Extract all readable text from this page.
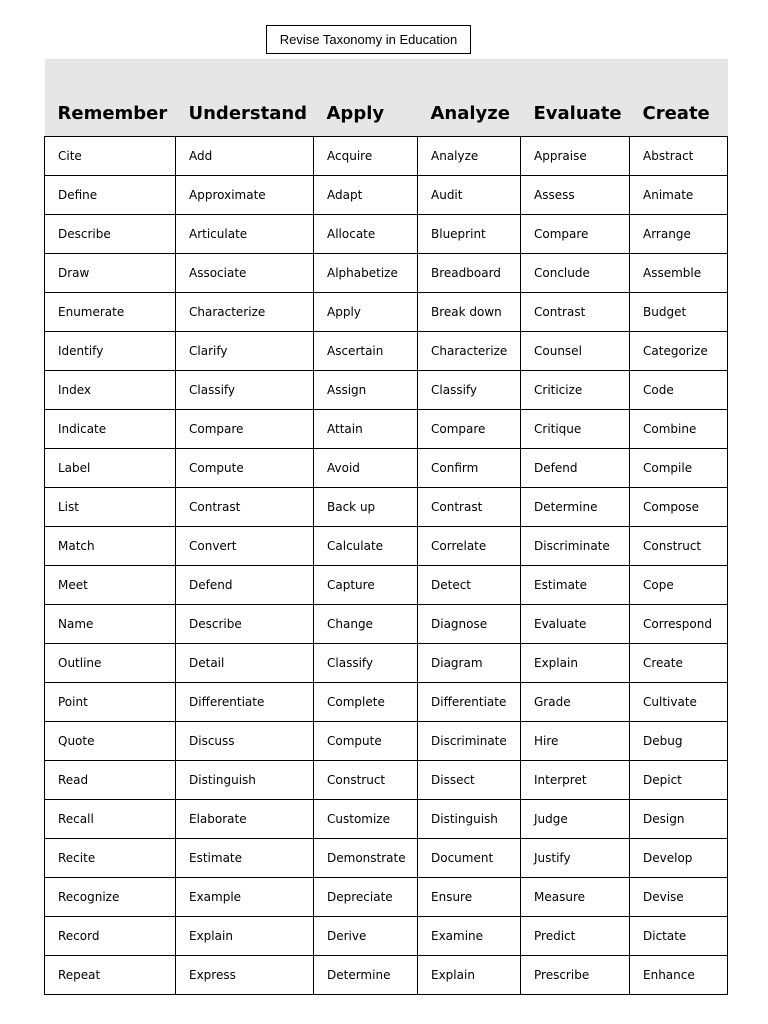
Revise Taxonomy in Education
Remember	Understand	Apply	Analyze	Evaluate	Create
Cite	Add	Acquire	Analyze	Appraise	Abstract
Define	Approximate	Adapt	Audit	Assess	Animate
Describe	Articulate	Allocate	Blueprint	Compare	Arrange
Draw	Associate	Alphabetize	Breadboard	Conclude	Assemble
Enumerate	Characterize	Apply	Break down	Contrast	Budget
Identify	Clarify	Ascertain	Characterize	Counsel	Categorize
Index	Classify	Assign	Classify	Criticize	Code
Indicate	Compare	Attain	Compare	Critique	Combine
Label	Compute	Avoid	Confirm	Defend	Compile
List	Contrast	Back up	Contrast	Determine	Compose
Match	Convert	Calculate	Correlate	Discriminate	Construct
Meet	Defend	Capture	Detect	Estimate	Cope
Name	Describe	Change	Diagnose	Evaluate	Correspond
Outline	Detail	Classify	Diagram	Explain	Create
Point	Differentiate	Complete	Differentiate	Grade	Cultivate
Quote	Discuss	Compute	Discriminate	Hire	Debug
Read	Distinguish	Construct	Dissect	Interpret	Depict
Recall	Elaborate	Customize	Distinguish	Judge	Design
Recite	Estimate	Demonstrate	Document	Justify	Develop
Recognize	Example	Depreciate	Ensure	Measure	Devise
Record	Explain	Derive	Examine	Predict	Dictate
Repeat	Express	Determine	Explain	Prescribe	Enhance
